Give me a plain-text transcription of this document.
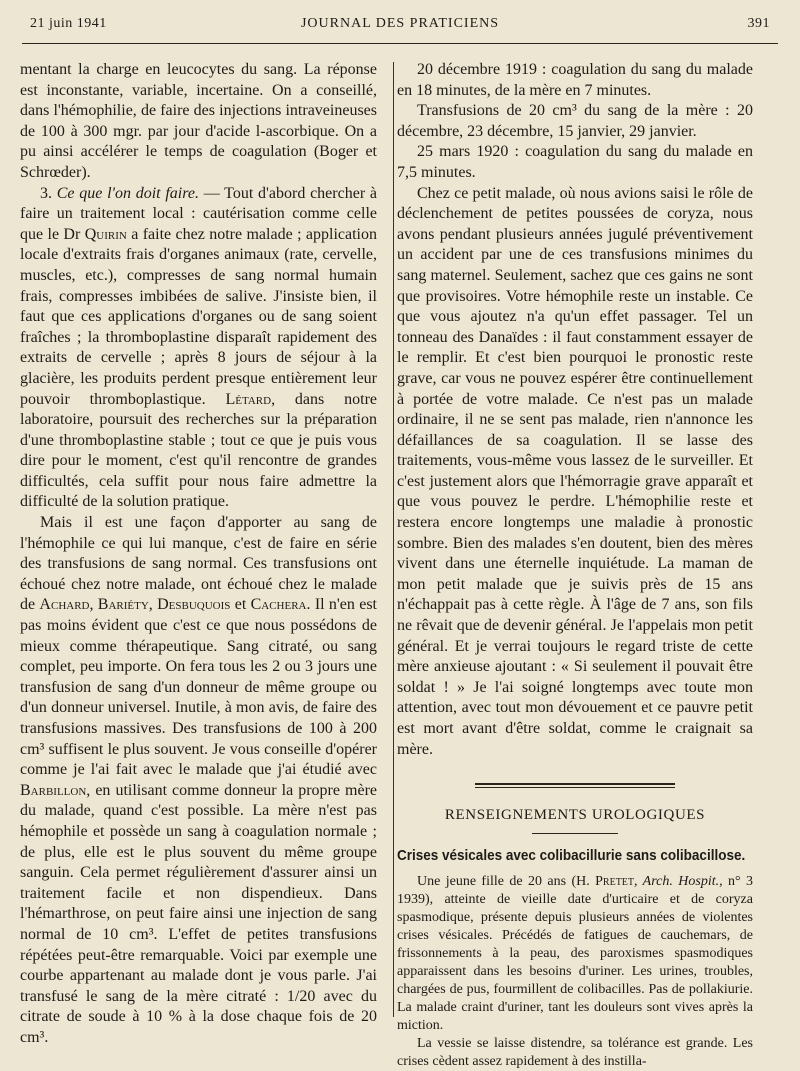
21 juin 1941	JOURNAL DES PRATICIENS	391

mentant la charge en leucocytes du sang. La réponse est inconstante, variable, incertaine. On a conseillé, dans l'hémophilie, de faire des injections intraveineuses de 100 à 300 mgr. par jour d'acide l-ascorbique. On a pu ainsi accélérer le temps de coagulation (Boger et Schrœder).

3. Ce que l'on doit faire. — Tout d'abord chercher à faire un traitement local : cautérisation comme celle que le Dr Quirin a faite chez notre malade ; application locale d'extraits frais d'organes animaux (rate, cervelle, muscles, etc.), compresses de sang normal humain frais, compresses imbibées de salive. J'insiste bien, il faut que ces applications d'organes ou de sang soient fraîches ; la thromboplastine disparaît rapidement des extraits de cervelle ; après 8 jours de séjour à la glacière, les produits perdent presque entièrement leur pouvoir thromboplastique. Létard, dans notre laboratoire, poursuit des recherches sur la préparation d'une thromboplastine stable ; tout ce que je puis vous dire pour le moment, c'est qu'il rencontre de grandes difficultés, cela suffit pour nous faire admettre la difficulté de la solution pratique.

Mais il est une façon d'apporter au sang de l'hémophile ce qui lui manque, c'est de faire en série des transfusions de sang normal. Ces transfusions ont échoué chez notre malade, ont échoué chez le malade de Achard, Bariéty, Desbuquois et Cachera. Il n'en est pas moins évident que c'est ce que nous possédons de mieux comme thérapeutique. Sang citraté, ou sang complet, peu importe. On fera tous les 2 ou 3 jours une transfusion de sang d'un donneur de même groupe ou d'un donneur universel. Inutile, à mon avis, de faire des transfusions massives. Des transfusions de 100 à 200 cm³ suffisent le plus souvent. Je vous conseille d'opérer comme je l'ai fait avec le malade que j'ai étudié avec Barbillon, en utilisant comme donneur la propre mère du malade, quand c'est possible. La mère n'est pas hémophile et possède un sang à coagulation normale ; de plus, elle est le plus souvent du même groupe sanguin. Cela permet régulièrement d'assurer ainsi un traitement facile et non dispendieux. Dans l'hémarthrose, on peut faire ainsi une injection de sang normal de 10 cm³. L'effet de petites transfusions répétées peut-être remarquable. Voici par exemple une courbe appartenant au malade dont je vous parle. J'ai transfusé le sang de la mère citraté : 1/20 avec du citrate de soude à 10 % à la dose chaque fois de 20 cm³.

20 décembre 1919 : coagulation du sang du malade en 18 minutes, de la mère en 7 minutes.

Transfusions de 20 cm³ du sang de la mère : 20 décembre, 23 décembre, 15 janvier, 29 janvier.

25 mars 1920 : coagulation du sang du malade en 7,5 minutes.

Chez ce petit malade, où nous avions saisi le rôle de déclenchement de petites poussées de coryza, nous avons pendant plusieurs années jugulé préventivement un accident par une de ces transfusions minimes du sang maternel. Seulement, sachez que ces gains ne sont que provisoires. Votre hémophile reste un instable. Ce que vous ajoutez n'a qu'un effet passager. Tel un tonneau des Danaïdes : il faut constamment essayer de le remplir. Et c'est bien pourquoi le pronostic reste grave, car vous ne pouvez espérer être continuellement à portée de votre malade. Ce n'est pas un malade ordinaire, il ne se sent pas malade, rien n'annonce les défaillances de sa coagulation. Il se lasse des traitements, vous-même vous lassez de le surveiller. Et c'est justement alors que l'hémorragie grave apparaît et que vous pouvez le perdre. L'hémophilie reste et restera encore longtemps une maladie à pronostic sombre. Bien des malades s'en doutent, bien des mères vivent dans une éternelle inquiétude. La maman de mon petit malade que je suivis près de 15 ans n'échappait pas à cette règle. À l'âge de 7 ans, son fils ne rêvait que de devenir général. Je l'appelais mon petit général. Et je verrai toujours le regard triste de cette mère anxieuse ajoutant : « Si seulement il pouvait être soldat ! » Je l'ai soigné longtemps avec toute mon attention, avec tout mon dévouement et ce pauvre petit est mort avant d'être soldat, comme le craignait sa mère.

RENSEIGNEMENTS UROLOGIQUES
Crises vésicales avec colibacillurie sans colibacillose.

Une jeune fille de 20 ans (H. Pretet, Arch. Hospit., n° 3 1939), atteinte de vieille date d'urticaire et de coryza spasmodique, présente depuis plusieurs années de violentes crises vésicales. Précédés de fatigues de cauchemars, de frissonnements à la peau, des paroxismes spasmodiques apparaissent dans les besoins d'uriner. Les urines, troubles, chargées de pus, fourmillent de colibacilles. Pas de pollakiurie. La malade craint d'uriner, tant les douleurs sont vives après la miction.

La vessie se laisse distendre, sa tolérance est grande. Les crises cèdent assez rapidement à des instilla-
